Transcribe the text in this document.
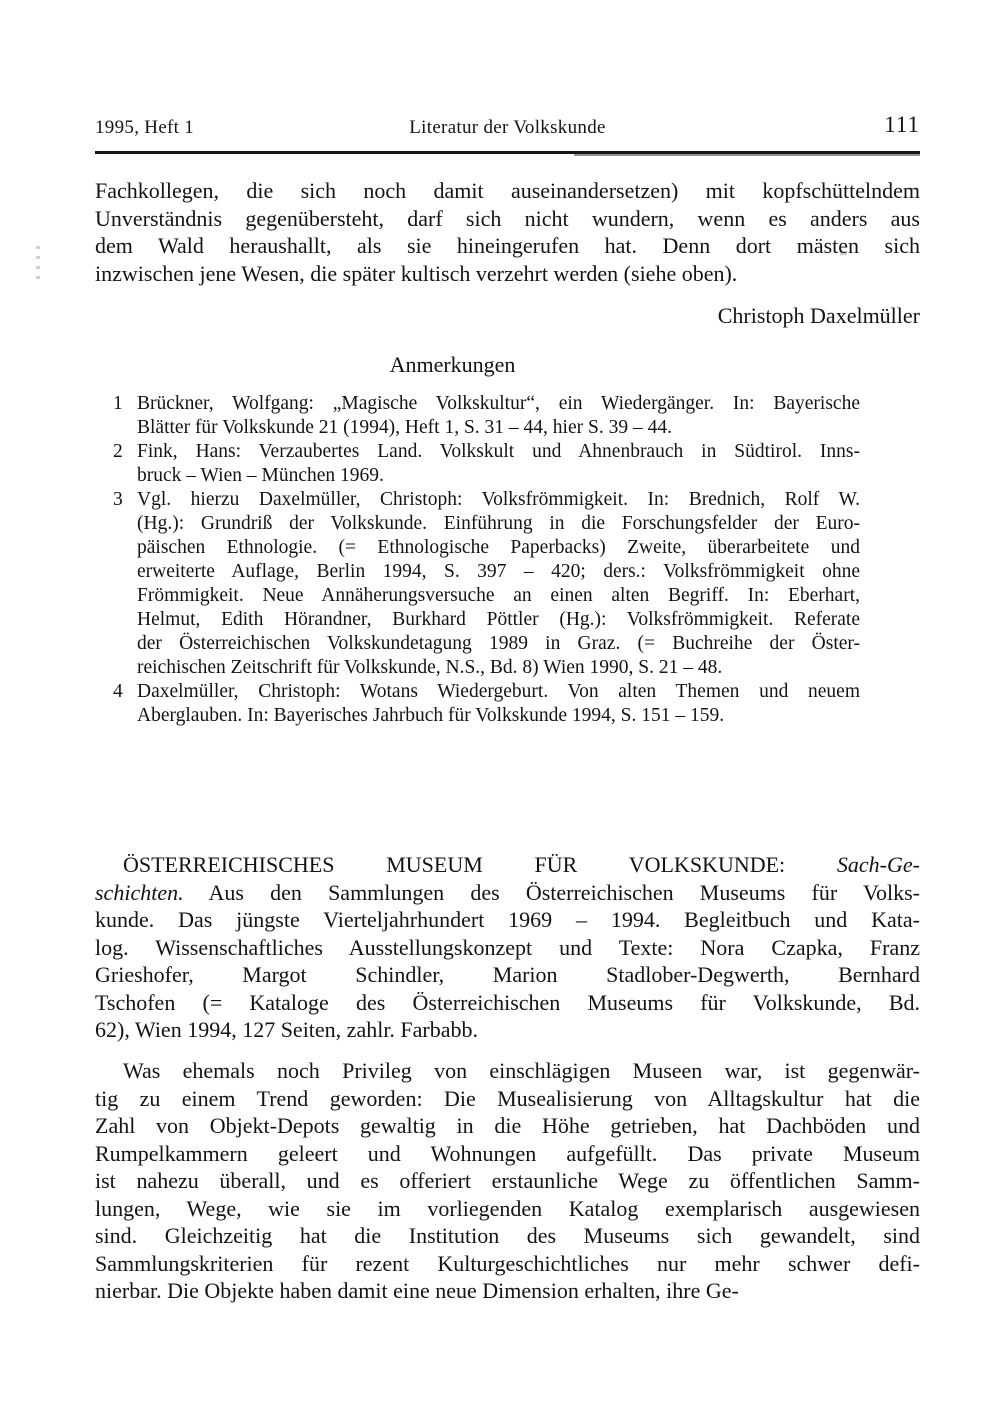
1995, Heft 1	Literatur der Volkskunde	111
Fachkollegen, die sich noch damit auseinandersetzen) mit kopfschüttelndem
Unverständnis gegenübersteht, darf sich nicht wundern, wenn es anders aus
dem Wald heraushallt, als sie hineingerufen hat. Denn dort mästen sich
inzwischen jene Wesen, die später kultisch verzehrt werden (siehe oben).
Christoph Daxelmüller
Anmerkungen
1 Brückner, Wolfgang: „Magische Volkskultur“, ein Wiedergänger. In: Bayerische
Blätter für Volkskunde 21 (1994), Heft 1, S. 31 – 44, hier S. 39 – 44.
2 Fink, Hans: Verzaubertes Land. Volkskult und Ahnenbrauch in Südtirol. Inns-
bruck – Wien – München 1969.
3 Vgl. hierzu Daxelmüller, Christoph: Volksfrömmigkeit. In: Brednich, Rolf W.
(Hg.): Grundriß der Volkskunde. Einführung in die Forschungsfelder der Euro-
päischen Ethnologie. (= Ethnologische Paperbacks) Zweite, überarbeitete und
erweiterte Auflage, Berlin 1994, S. 397 – 420; ders.: Volksfrömmigkeit ohne
Frömmigkeit. Neue Annäherungsversuche an einen alten Begriff. In: Eberhart,
Helmut, Edith Hörandner, Burkhard Pöttler (Hg.): Volksfrömmigkeit. Referate
der Österreichischen Volkskundetagung 1989 in Graz. (= Buchreihe der Öster-
reichischen Zeitschrift für Volkskunde, N.S., Bd. 8) Wien 1990, S. 21 – 48.
4 Daxelmüller, Christoph: Wotans Wiedergeburt. Von alten Themen und neuem
Aberglauben. In: Bayerisches Jahrbuch für Volkskunde 1994, S. 151 – 159.
ÖSTERREICHISCHES MUSEUM FÜR VOLKSKUNDE: Sach-Ge-
schichten. Aus den Sammlungen des Österreichischen Museums für Volks-
kunde. Das jüngste Vierteljahrhundert 1969 – 1994. Begleitbuch und Kata-
log. Wissenschaftliches Ausstellungskonzept und Texte: Nora Czapka, Franz
Grieshofer, Margot Schindler, Marion Stadlober-Degwerth, Bernhard
Tschofen (= Kataloge des Österreichischen Museums für Volkskunde, Bd.
62), Wien 1994, 127 Seiten, zahlr. Farbabb.
Was ehemals noch Privileg von einschlägigen Museen war, ist gegenwär-
tig zu einem Trend geworden: Die Musealisierung von Alltagskultur hat die
Zahl von Objekt-Depots gewaltig in die Höhe getrieben, hat Dachböden und
Rumpelkammern geleert und Wohnungen aufgefüllt. Das private Museum
ist nahezu überall, und es offeriert erstaunliche Wege zu öffentlichen Samm-
lungen, Wege, wie sie im vorliegenden Katalog exemplarisch ausgewiesen
sind. Gleichzeitig hat die Institution des Museums sich gewandelt, sind
Sammlungskriterien für rezent Kulturgeschichtliches nur mehr schwer defi-
nierbar. Die Objekte haben damit eine neue Dimension erhalten, ihre Ge-
